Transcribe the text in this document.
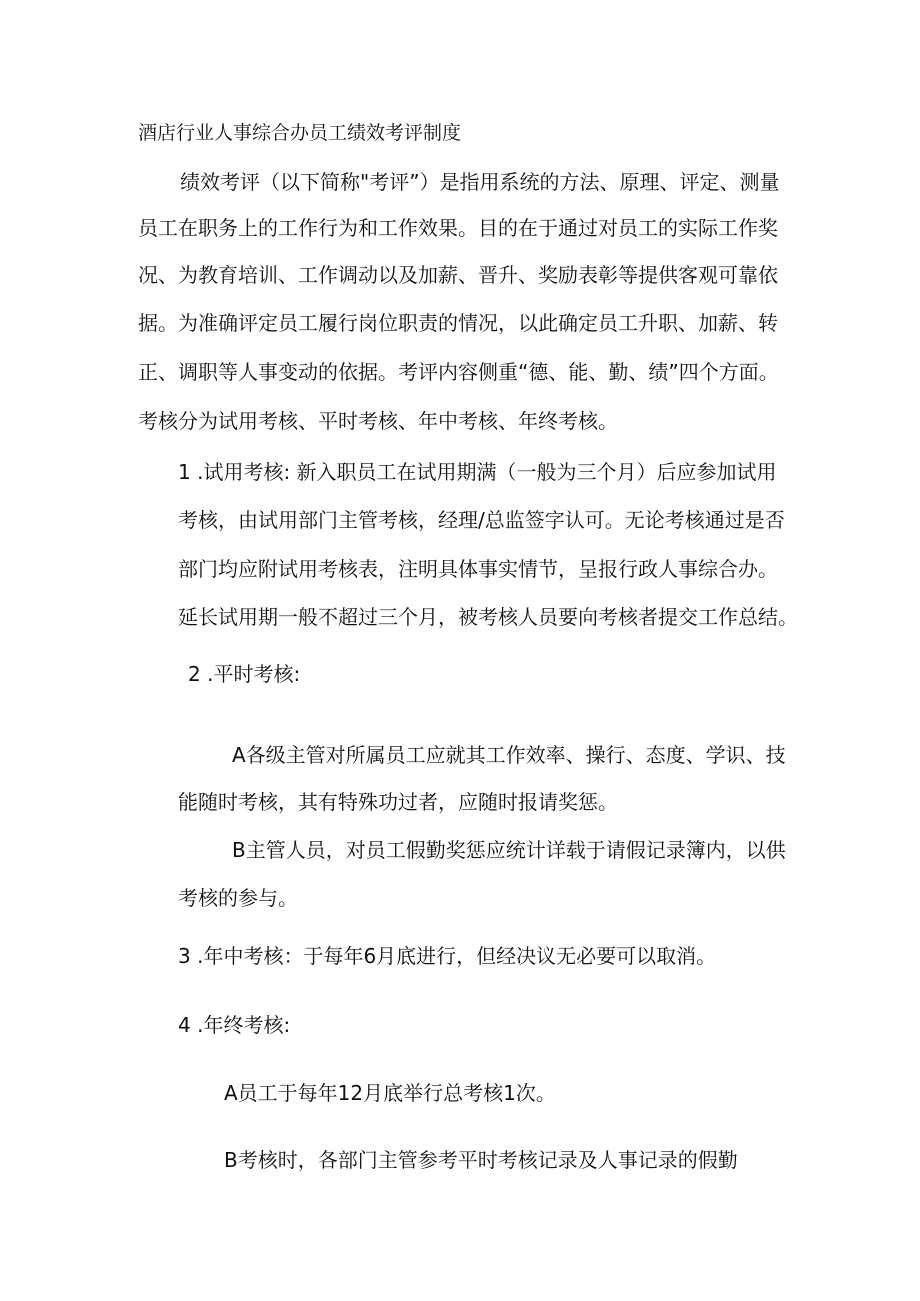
酒店行业人事综合办员工绩效考评制度
绩效考评（以下简称"考评”）是指用系统的方法、原理、评定、测量
员工在职务上的工作行为和工作效果。目的在于通过对员工的实际工作奖
况、为教育培训、工作调动以及加薪、晋升、奖励表彰等提供客观可靠依
据。为准确评定员工履行岗位职责的情况，以此确定员工升职、加薪、转
正、调职等人事变动的依据。考评内容侧重“德、能、勤、绩”四个方面。
考核分为试用考核、平时考核、年中考核、年终考核。
1 .试用考核: 新入职员工在试用期满（一般为三个月）后应参加试用
考核，由试用部门主管考核，经理/总监签字认可。无论考核通过是否
部门均应附试用考核表，注明具体事实情节，呈报行政人事综合办。
延长试用期一般不超过三个月，被考核人员要向考核者提交工作总结。
2 .平时考核:
A各级主管对所属员工应就其工作效率、操行、态度、学识、技
能随时考核，其有特殊功过者，应随时报请奖惩。
B主管人员，对员工假勤奖惩应统计详载于请假记录簿内，以供
考核的参与。
3 .年中考核：于每年6月底进行，但经决议无必要可以取消。
4 .年终考核:
A员工于每年12月底举行总考核1次。
B考核时，各部门主管参考平时考核记录及人事记录的假勤
